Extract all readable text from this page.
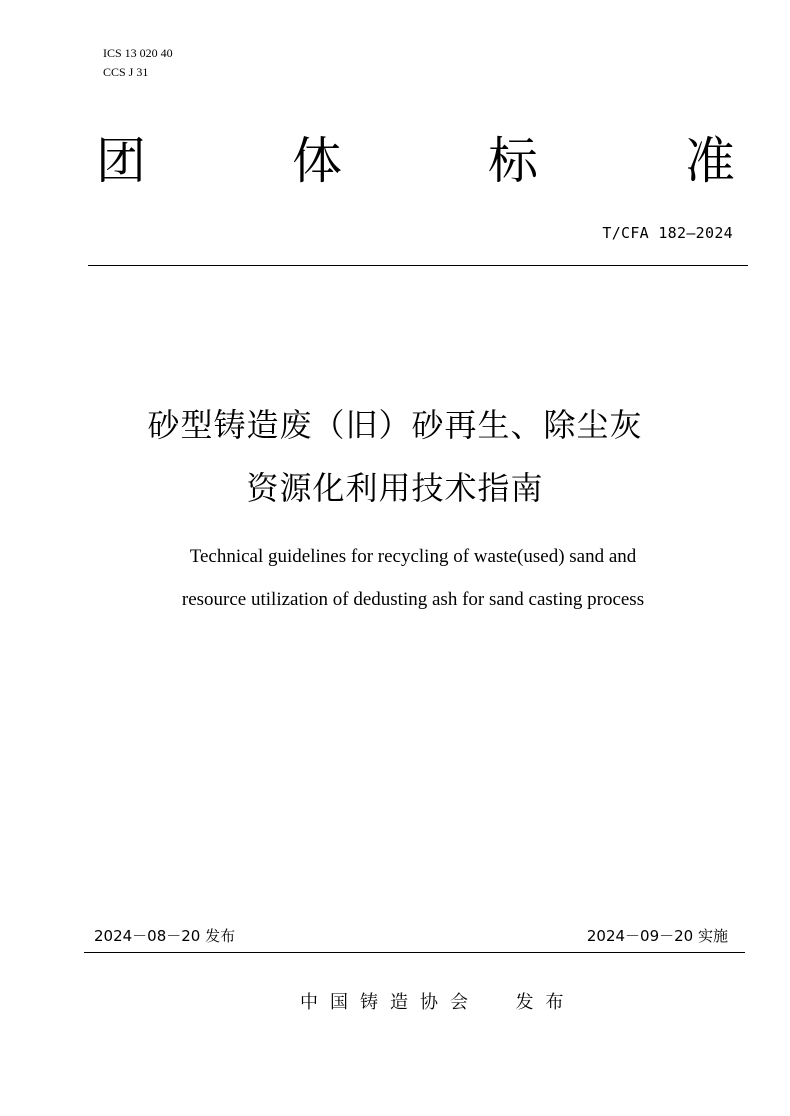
ICS 13 020 40
CCS J 31
团	体	标	准
T/CFA 182—2024
砂型铸造废（旧）砂再生、除尘灰
资源化利用技术指南
Technical guidelines for recycling of waste(used) sand and
resource utilization of dedusting ash for sand casting process
2024－08－20 发布	2024－09－20 实施
中国铸造协会  发布
